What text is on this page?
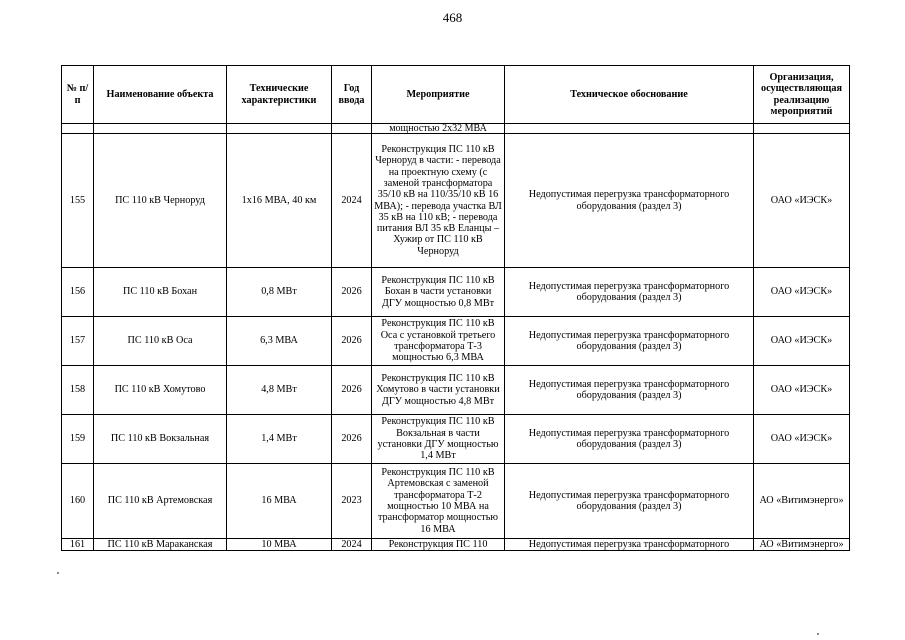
468
№ п/п	Наименование объекта	Технические характеристики	Год ввода	Мероприятие	Техническое обоснование	Организация, осуществляющая реализацию мероприятий
				мощностью 2х32 МВА		
155	ПС 110 кВ Черноруд	1х16 МВА, 40 км	2024	Реконструкция ПС 110 кВ Черноруд в части: - перевода на проектную схему (с заменой трансформатора 35/10 кВ на 110/35/10 кВ 16 МВА); - перевода участка ВЛ 35 кВ на 110 кВ; - перевода питания ВЛ 35 кВ Еланцы – Хужир от ПС 110 кВ Черноруд	Недопустимая перегрузка трансформаторного оборудования (раздел 3)	ОАО «ИЭСК»
156	ПС 110 кВ Бохан	0,8 МВт	2026	Реконструкция ПС 110 кВ Бохан в части установки ДГУ мощностью 0,8 МВт	Недопустимая перегрузка трансформаторного оборудования (раздел 3)	ОАО «ИЭСК»
157	ПС 110 кВ Оса	6,3 МВА	2026	Реконструкция ПС 110 кВ Оса с установкой третьего трансформатора Т-3 мощностью 6,3 МВА	Недопустимая перегрузка трансформаторного оборудования (раздел 3)	ОАО «ИЭСК»
158	ПС 110 кВ Хомутово	4,8 МВт	2026	Реконструкция ПС 110 кВ Хомутово в части установки ДГУ мощностью 4,8 МВт	Недопустимая перегрузка трансформаторного оборудования (раздел 3)	ОАО «ИЭСК»
159	ПС 110 кВ Вокзальная	1,4 МВт	2026	Реконструкция ПС 110 кВ Вокзальная в части установки ДГУ мощностью 1,4 МВт	Недопустимая перегрузка трансформаторного оборудования (раздел 3)	ОАО «ИЭСК»
160	ПС 110 кВ Артемовская	16 МВА	2023	Реконструкция ПС 110 кВ Артемовская с заменой трансформатора Т-2 мощностью 10 МВА на трансформатор мощностью 16 МВА	Недопустимая перегрузка трансформаторного оборудования (раздел 3)	АО «Витимэнерго»
161	ПС 110 кВ Мараканская	10 МВА	2024	Реконструкция ПС 110	Недопустимая перегрузка трансформаторного	АО «Витимэнерго»
